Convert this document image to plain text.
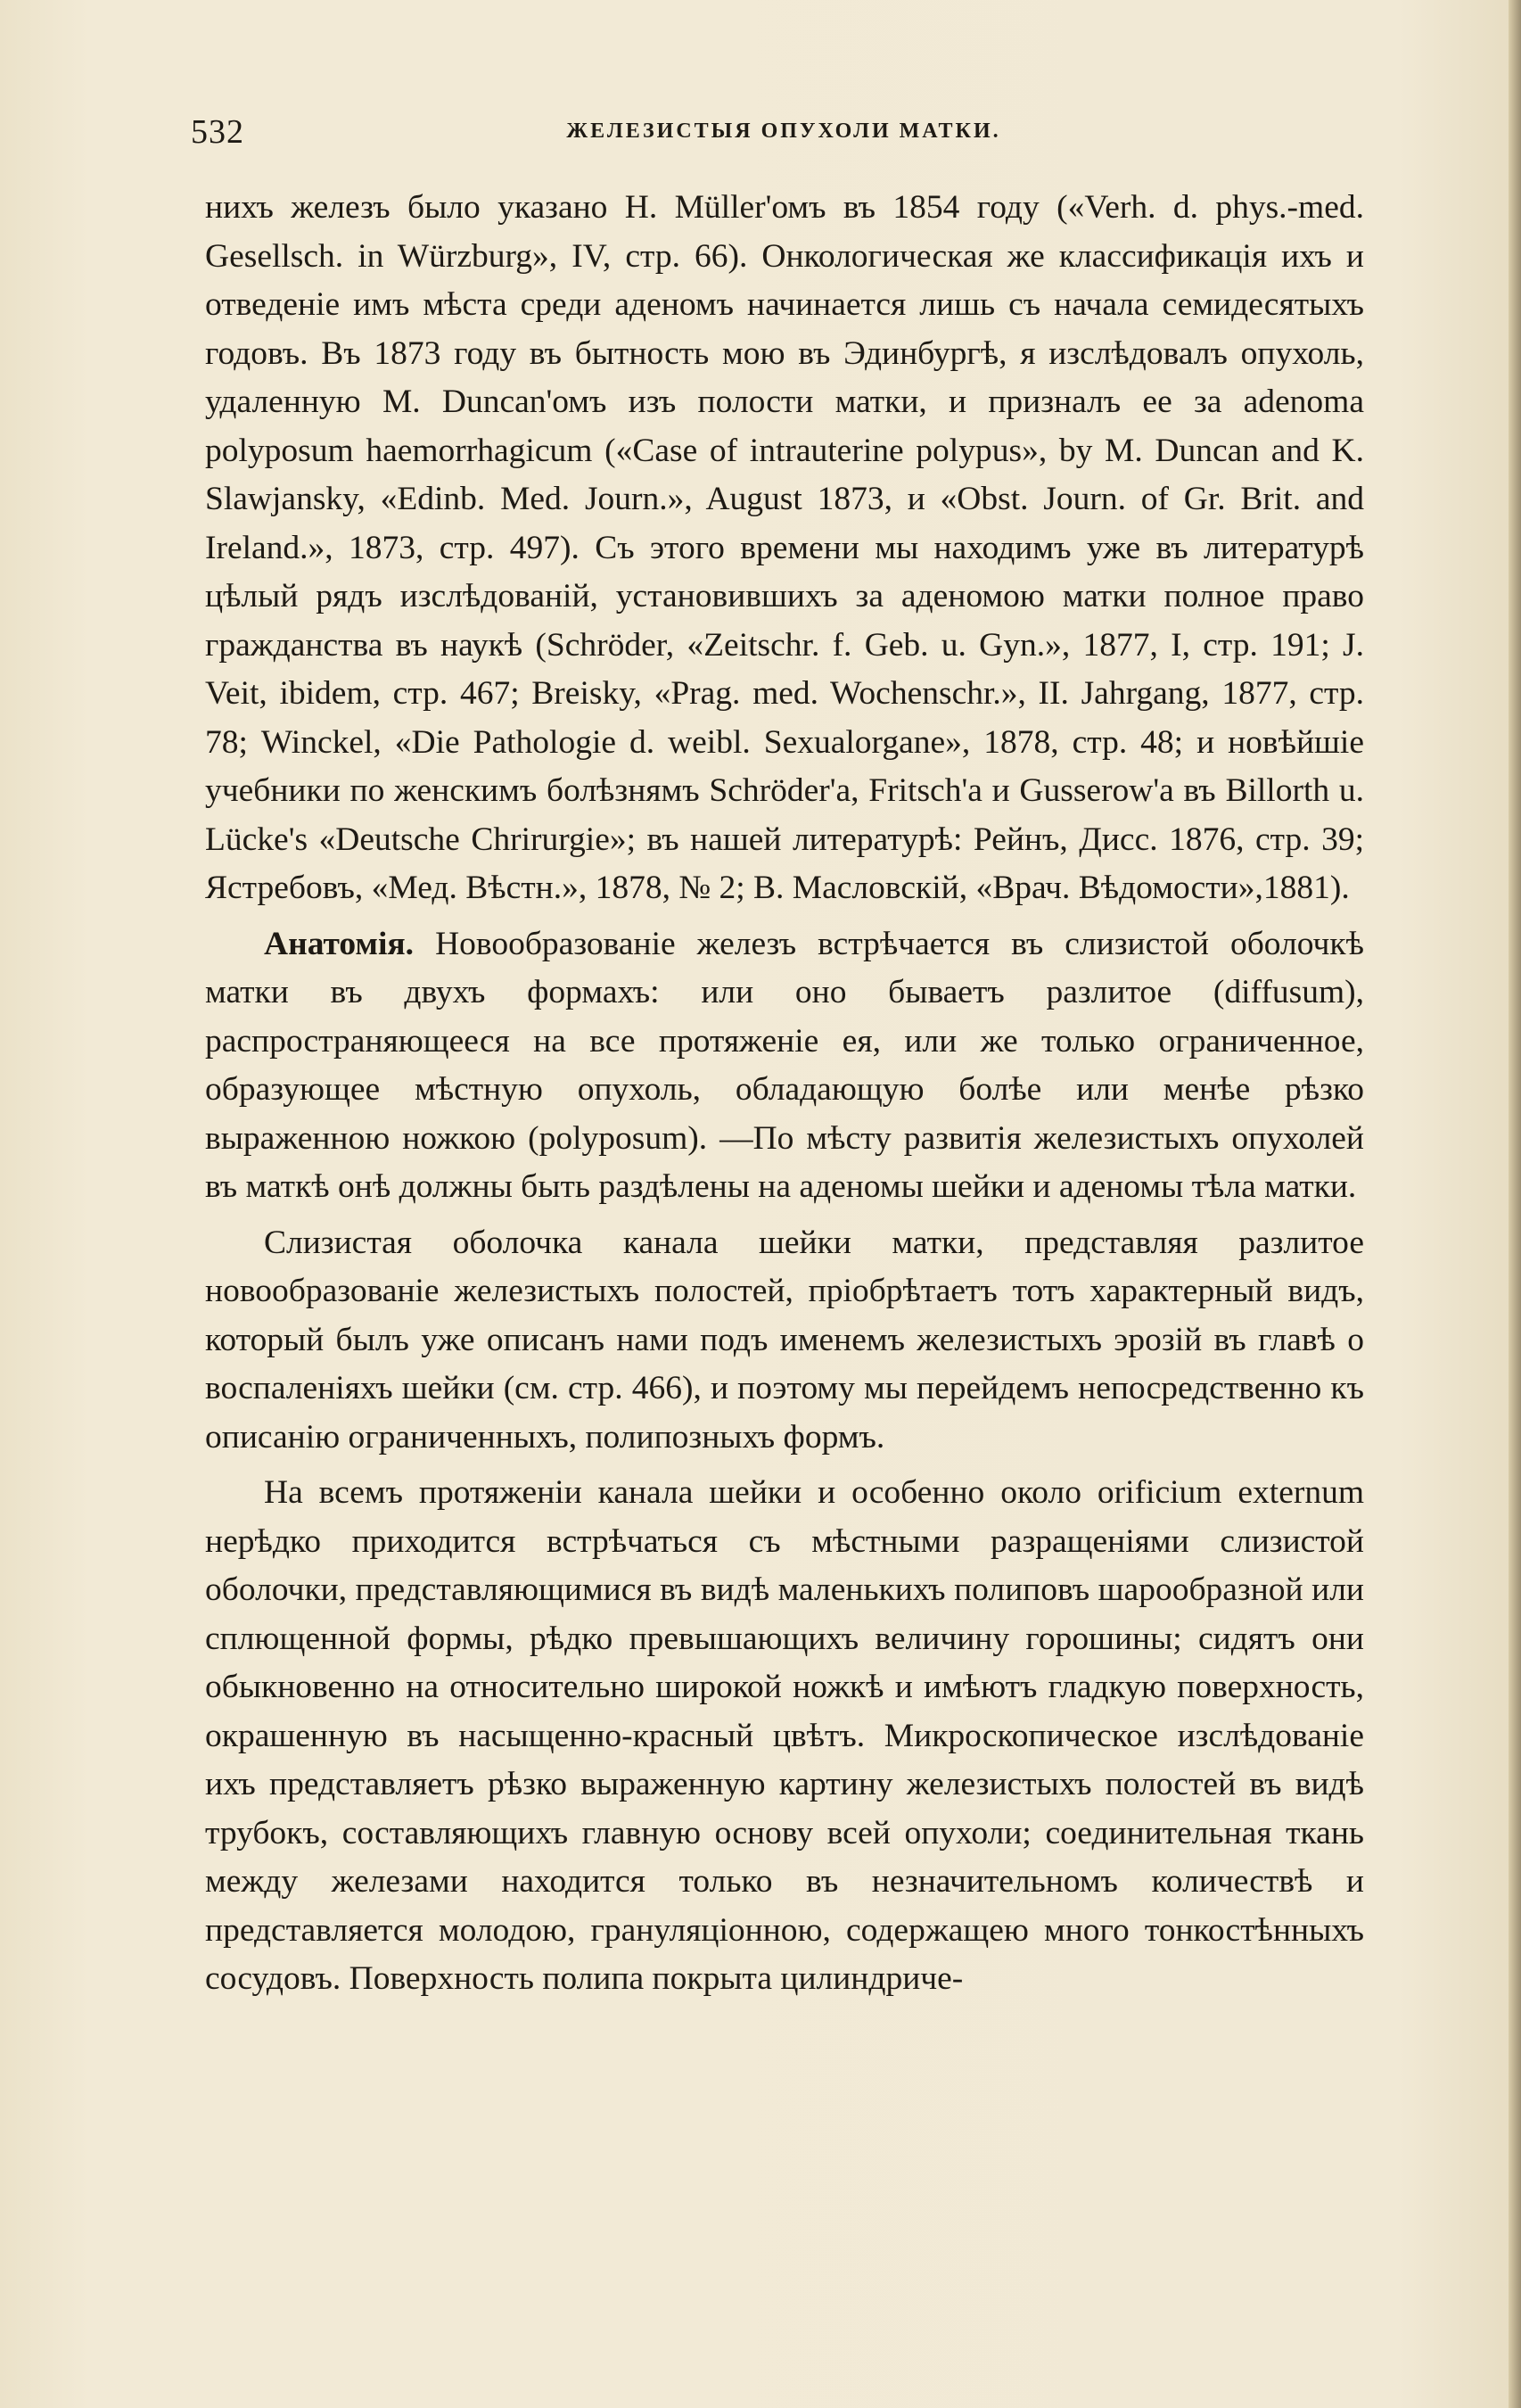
532	ЖЕЛЕЗИСТЫЯ ОПУХОЛИ МАТКИ.

нихъ железъ было указано H. Müller'омъ въ 1854 году («Verh. d. phys.-med. Gesellsch. in Würzburg», IV, стр. 66). Онкологическая же классификація ихъ и отведеніе имъ мѣста среди аденомъ начинается лишь съ начала семидесятыхъ годовъ. Въ 1873 году въ бытность мою въ Эдинбургѣ, я изслѣдовалъ опухоль, удаленную M. Duncan'омъ изъ полости матки, и призналъ ее за adenoma polyposum haemorrhagicum («Case of intrauterine polypus», by M. Duncan and K. Slawjansky, «Edinb. Med. Journ.», August 1873, и «Obst. Journ. of Gr. Brit. and Ireland.», 1873, стр. 497). Съ этого времени мы находимъ уже въ литературѣ цѣлый рядъ изслѣдованій, установившихъ за аденомою матки полное право гражданства въ наукѣ (Schröder, «Zeitschr. f. Geb. u. Gyn.», 1877, I, стр. 191; J. Veit, ibidem, стр. 467; Breisky, «Prag. med. Wochenschr.», II. Jahrgang, 1877, стр. 78; Winckel, «Die Pathologie d. weibl. Sexualorgane», 1878, стр. 48; и новѣйшіе учебники по женскимъ болѣзнямъ Schröder'a, Fritsch'a и Gusserow'a въ Billorth u. Lücke's «Deutsche Chrirurgie»; въ нашей литературѣ: Рейнъ, Дисс. 1876, стр. 39; Ястребовъ, «Мед. Вѣстн.», 1878, № 2; В. Масловскій, «Врач. Вѣдомости»,1881).

Анатомія. Новообразованіе железъ встрѣчается въ слизистой оболочкѣ матки въ двухъ формахъ: или оно бываетъ разлитое (diffusum), распространяющееся на все протяженіе ея, или же только ограниченное, образующее мѣстную опухоль, обладающую болѣе или менѣе рѣзко выраженною ножкою (polyposum). —По мѣсту развитія железистыхъ опухолей въ маткѣ онѣ должны быть раздѣлены на аденомы шейки и аденомы тѣла матки.

Слизистая оболочка канала шейки матки, представляя разлитое новообразованіе железистыхъ полостей, пріобрѣтаетъ тотъ характерный видъ, который былъ уже описанъ нами подъ именемъ железистыхъ эрозій въ главѣ о воспаленіяхъ шейки (см. стр. 466), и поэтому мы перейдемъ непосредственно къ описанію ограниченныхъ, полипозныхъ формъ.

На всемъ протяженіи канала шейки и особенно около orificium externum нерѣдко приходится встрѣчаться съ мѣстными разращеніями слизистой оболочки, представляющимися въ видѣ маленькихъ полиповъ шарообразной или сплющенной формы, рѣдко превышающихъ величину горошины; сидятъ они обыкновенно на относительно широкой ножкѣ и имѣютъ гладкую поверхность, окрашенную въ насыщенно-красный цвѣтъ. Микроскопическое изслѣдованіе ихъ представляетъ рѣзко выраженную картину железистыхъ полостей въ видѣ трубокъ, составляющихъ главную основу всей опухоли; соединительная ткань между железами находится только въ незначительномъ количествѣ и представляется молодою, грануляціонною, содержащею много тонкостѣнныхъ сосудовъ. Поверхность полипа покрыта цилиндриче-
